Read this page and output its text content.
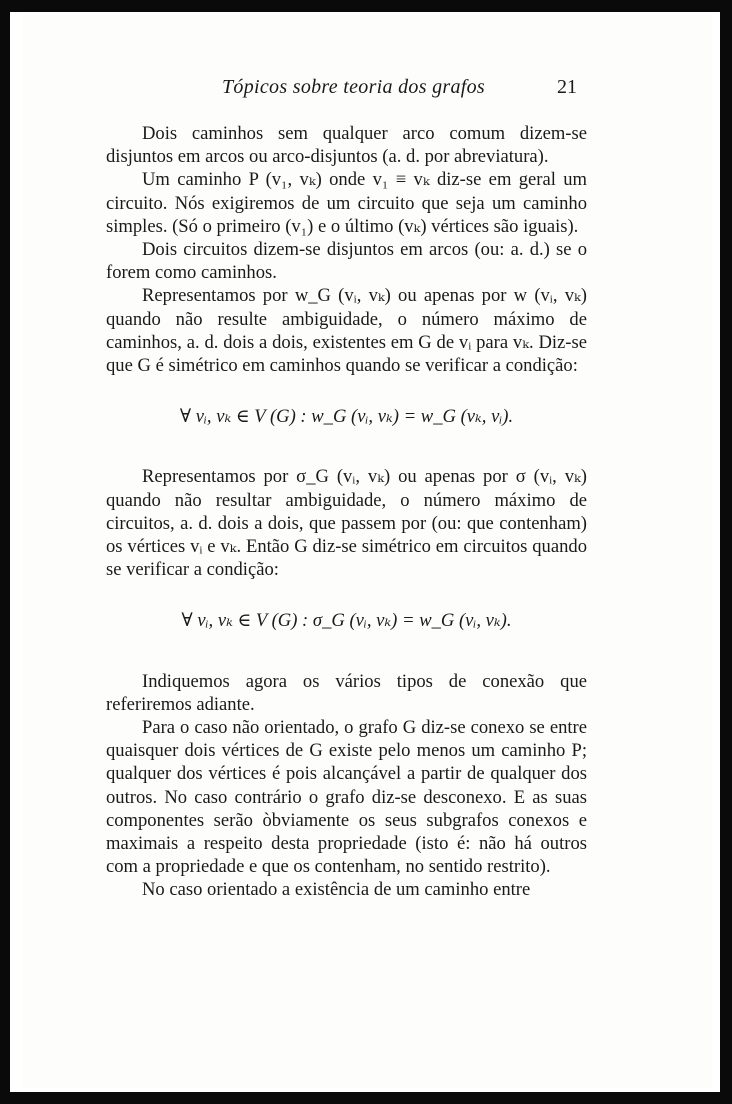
Tópicos sobre teoria dos grafos	21

Dois caminhos sem qualquer arco comum dizem-se disjuntos em arcos ou arco-disjuntos (a. d. por abreviatura).

Um caminho P (v₁, vₖ) onde v₁ ≡ vₖ diz-se em geral um circuito. Nós exigiremos de um circuito que seja um caminho simples. (Só o primeiro (v₁) e o último (vₖ) vértices são iguais).

Dois circuitos dizem-se disjuntos em arcos (ou: a. d.) se o forem como caminhos.

Representamos por w_G (vᵢ, vₖ) ou apenas por w (vᵢ, vₖ) quando não resulte ambiguidade, o número máximo de caminhos, a. d. dois a dois, existentes em G de vᵢ para vₖ. Diz-se que G é simétrico em caminhos quando se verificar a condição:

∀ vᵢ, vₖ ∈ V (G) : w_G (vᵢ, vₖ) = w_G (vₖ, vᵢ).

Representamos por σ_G (vᵢ, vₖ) ou apenas por σ (vᵢ, vₖ) quando não resultar ambiguidade, o número máximo de circuitos, a. d. dois a dois, que passem por (ou: que contenham) os vértices vᵢ e vₖ. Então G diz-se simétrico em circuitos quando se verificar a condição:

∀ vᵢ, vₖ ∈ V (G) : σ_G (vᵢ, vₖ) = w_G (vᵢ, vₖ).

Indiquemos agora os vários tipos de conexão que referiremos adiante.

Para o caso não orientado, o grafo G diz-se conexo se entre quaisquer dois vértices de G existe pelo menos um caminho P; qualquer dos vértices é pois alcançável a partir de qualquer dos outros. No caso contrário o grafo diz-se desconexo. E as suas componentes serão òbviamente os seus subgrafos conexos e maximais a respeito desta propriedade (isto é: não há outros com a propriedade e que os contenham, no sentido restrito).

No caso orientado a existência de um caminho entre
